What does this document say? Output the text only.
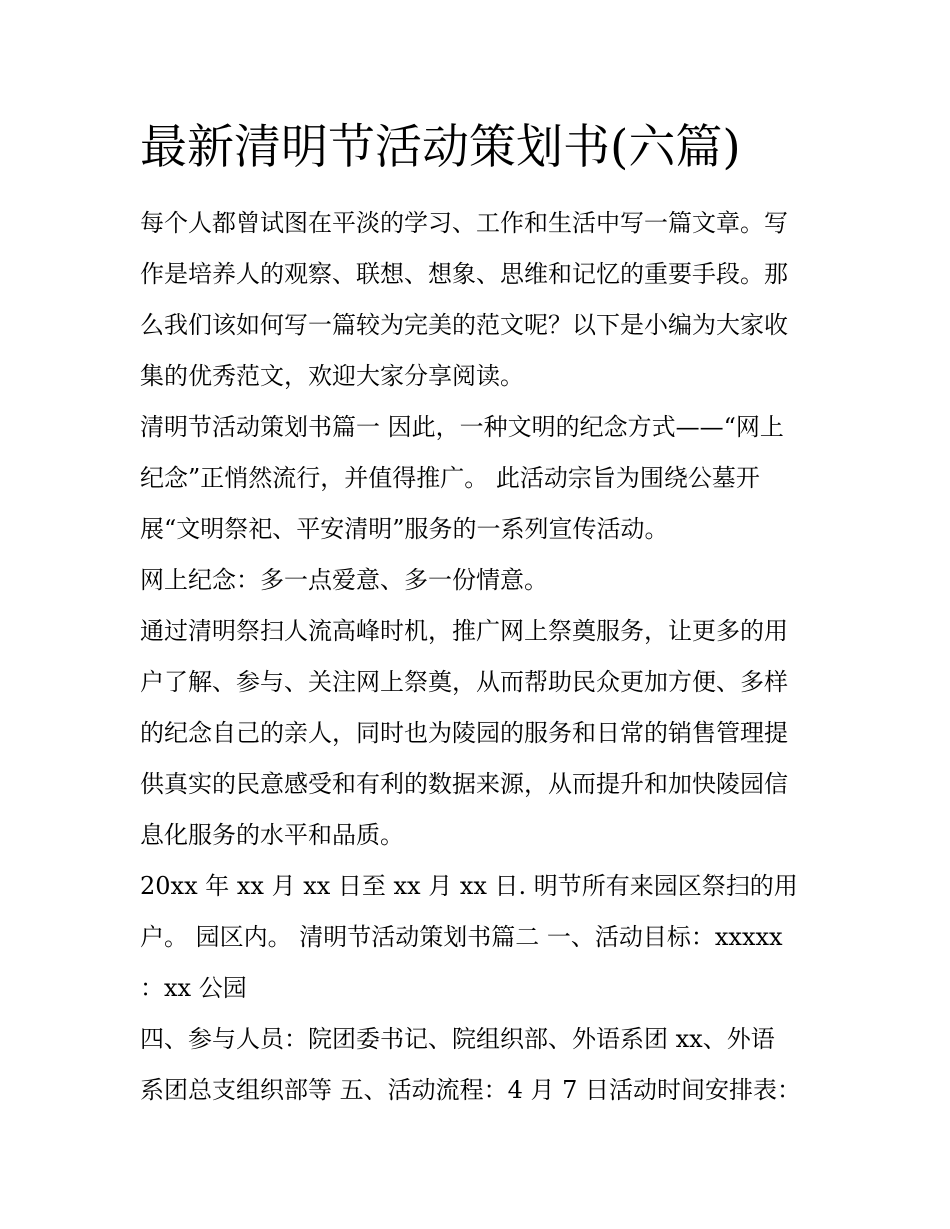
最新清明节活动策划书(六篇)
每个人都曾试图在平淡的学习、工作和生活中写一篇文章。写
作是培养人的观察、联想、想象、思维和记忆的重要手段。那
么我们该如何写一篇较为完美的范文呢？以下是小编为大家收
集的优秀范文，欢迎大家分享阅读。
清明节活动策划书篇一 因此，一种文明的纪念方式——“网上
纪念”正悄然流行，并值得推广。 此活动宗旨为围绕公墓开
展“文明祭祀、平安清明”服务的一系列宣传活动。
网上纪念：多一点爱意、多一份情意。
通过清明祭扫人流高峰时机，推广网上祭奠服务，让更多的用
户了解、参与、关注网上祭奠，从而帮助民众更加方便、多样
的纪念自己的亲人，同时也为陵园的服务和日常的销售管理提
供真实的民意感受和有利的数据来源，从而提升和加快陵园信
息化服务的水平和品质。
20xx 年 xx 月 xx 日至 xx 月 xx 日. 明节所有来园区祭扫的用
户。 园区内。 清明节活动策划书篇二 一、活动目标：xxxxx
：xx 公园
四、参与人员：院团委书记、院组织部、外语系团 xx、外语
系团总支组织部等 五、活动流程：4 月 7 日活动时间安排表：
